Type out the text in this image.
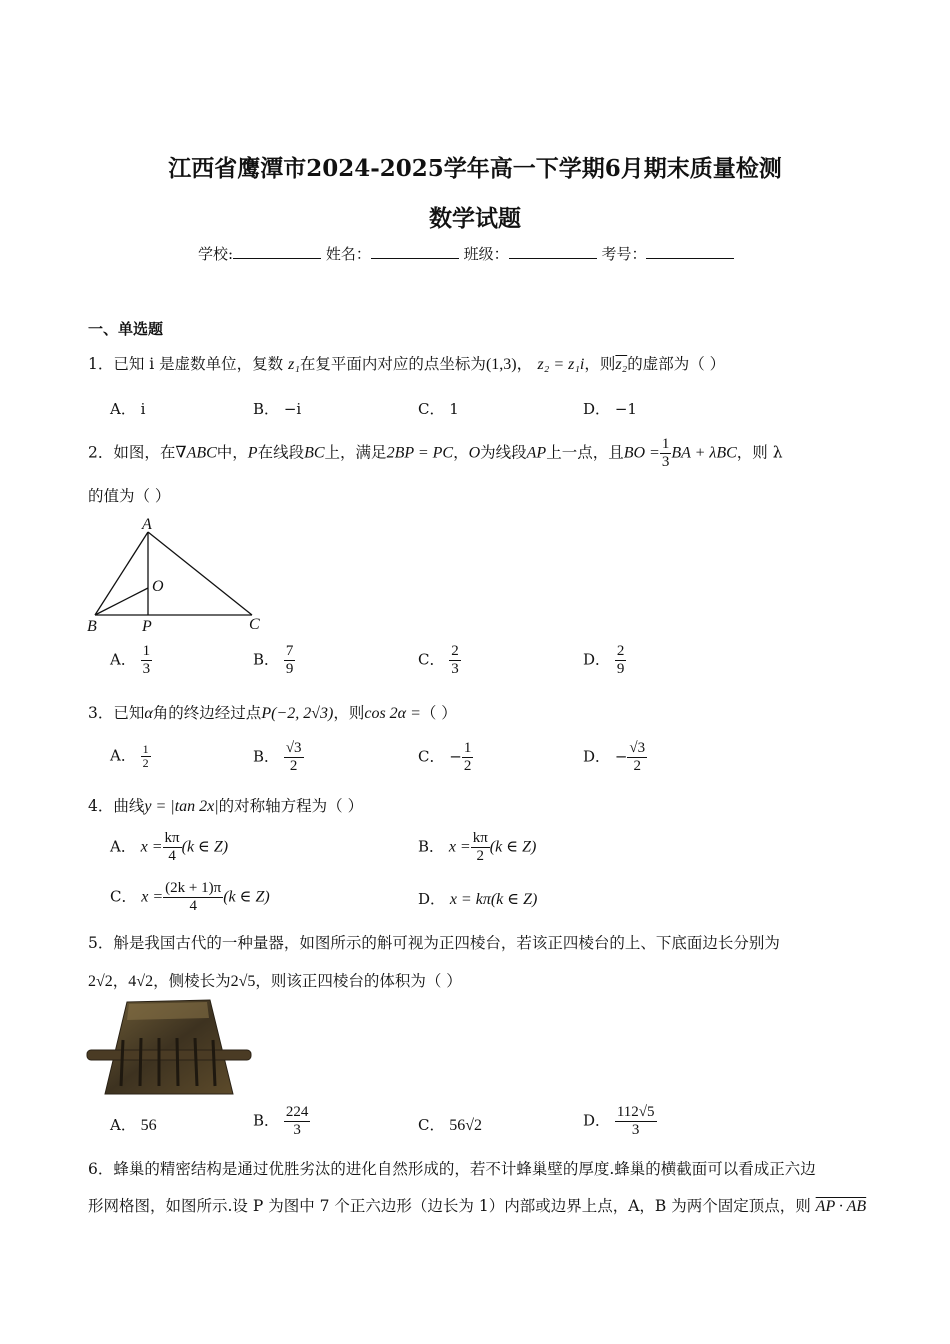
江西省鹰潭市2024-2025学年高一下学期6月期末质量检测
数学试题
学校:	姓名：	班级：	考号：
一、单选题
1．已知 i 是虚数单位，复数 z₁在复平面内对应的点坐标为(1,3)， z₂ = z₁i，则z₂的虚部为（ ）
A． i	B． −i	C． 1	D． −1
2．如图，在∇ABC中，P在线段BC上，满足2BP = PC，O为线段AP上一点，且BO = $\frac{1}{3}$ BA + λBC，则 λ
的值为（ ）
A
B	C
O
P
A． $\frac{1}{3}$	B． $\frac{7}{9}$	C． $\frac{2}{3}$	D． $\frac{2}{9}$
3．已知α角的终边经过点P(−2, 2√3)，则cos 2α =（ ）
A． $\frac{1}{2}$	B． $\frac{√3}{2}$	C． − $\frac{1}{2}$	D． − $\frac{√3}{2}$
4．曲线y = |tan 2x|的对称轴方程为（ ）
A． $x = \frac{k\pi}{4} (k$ ∈ Z)	B． $x = \frac{k\pi}{2} (k$ ∈ Z)
C． $x = \frac{(2k + 1)\pi}{4} (k$ ∈ Z)	D． x = kπ(k ∈ Z)
5．斛是我国古代的一种量器，如图所示的斛可视为正四棱台，若该正四棱台的上、下底面边长分别为
2√2，4√2，侧棱长为2√5，则该正四棱台的体积为（ ）
A． 56	B． $\frac{224}{3}$	C． 56√2	D． $\frac{112√5}{3}$
6．蜂巢的精密结构是通过优胜劣汰的进化自然形成的，若不计蜂巢壁的厚度.蜂巢的横截面可以看成正六边
形网格图，如图所示.设 P 为图中 7 个正六边形（边长为 1）内部或边界上点，A，B 为两个固定顶点，则 AP · AB
